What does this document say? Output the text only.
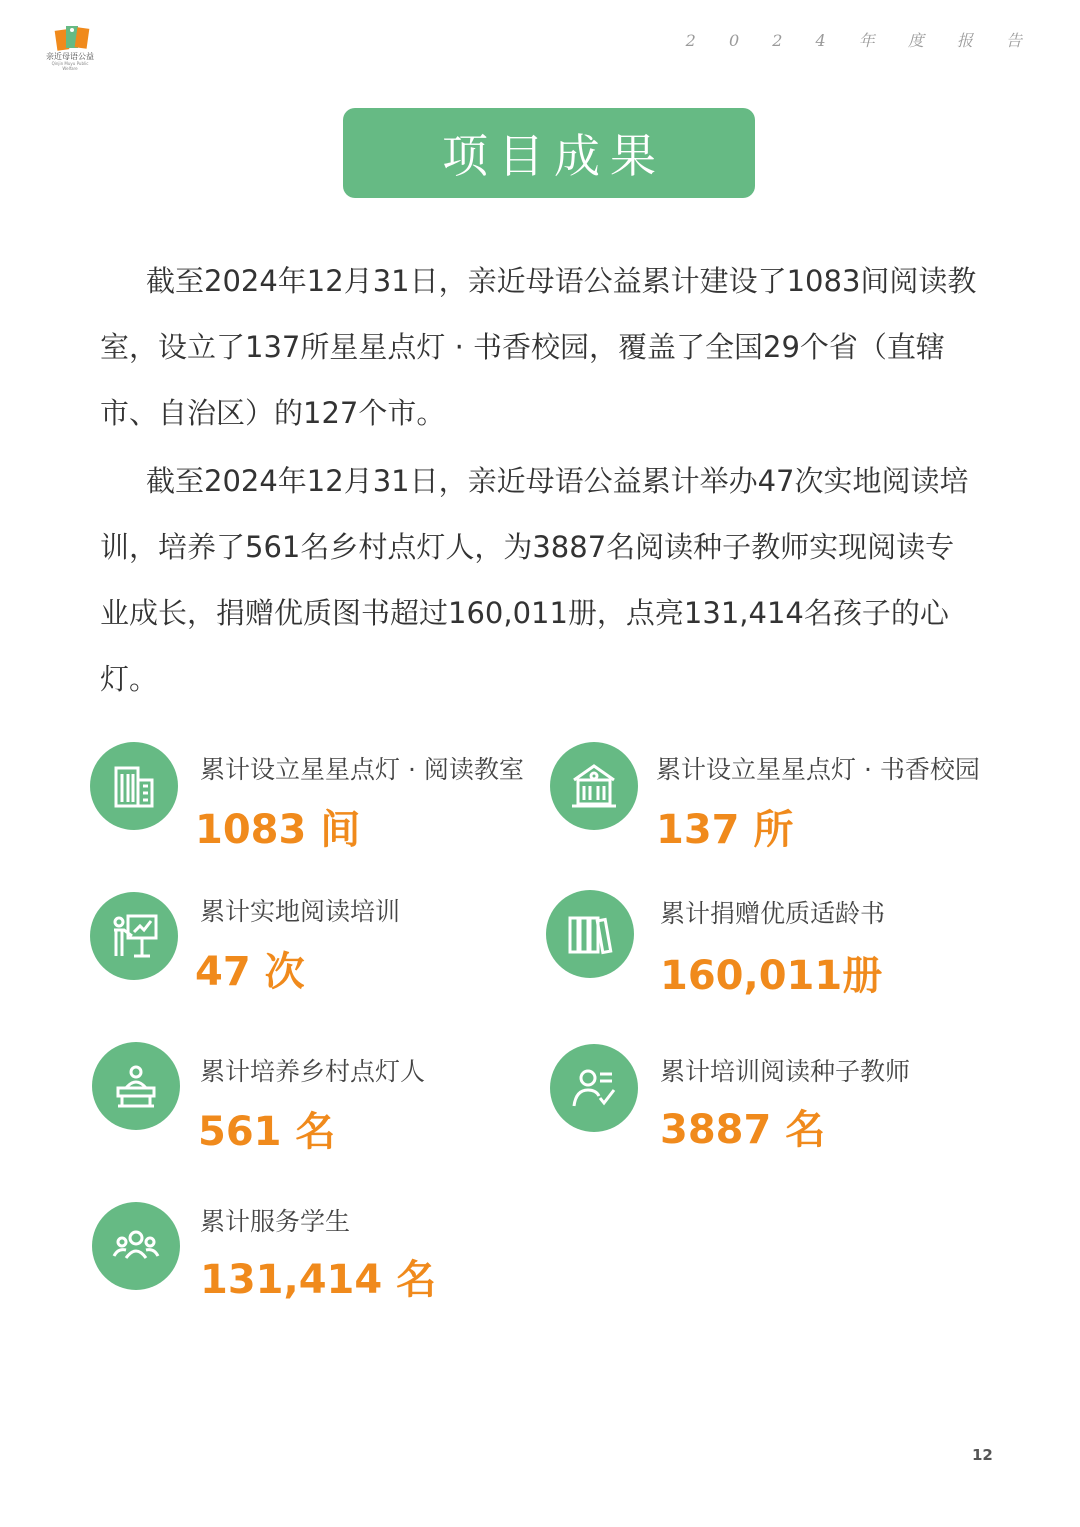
亲近母语公益
Qinjin Muyu Public Welfare
2 0 2 4 年 度 报 告
项目成果

截至2024年12月31日，亲近母语公益累计建设了1083间阅读教室，设立了137所星星点灯 · 书香校园，覆盖了全国29个省（直辖市、自治区）的127个市。

截至2024年12月31日，亲近母语公益累计举办47次实地阅读培训，培养了561名乡村点灯人，为3887名阅读种子教师实现阅读专业成长，捐赠优质图书超过160,011册，点亮131,414名孩子的心灯。

累计设立星星点灯 · 阅读教室
1083 间
累计设立星星点灯 · 书香校园
137 所
累计实地阅读培训
47 次
累计捐赠优质适龄书
160,011册
累计培养乡村点灯人
561 名
累计培训阅读种子教师
3887 名
累计服务学生
131,414 名
12
